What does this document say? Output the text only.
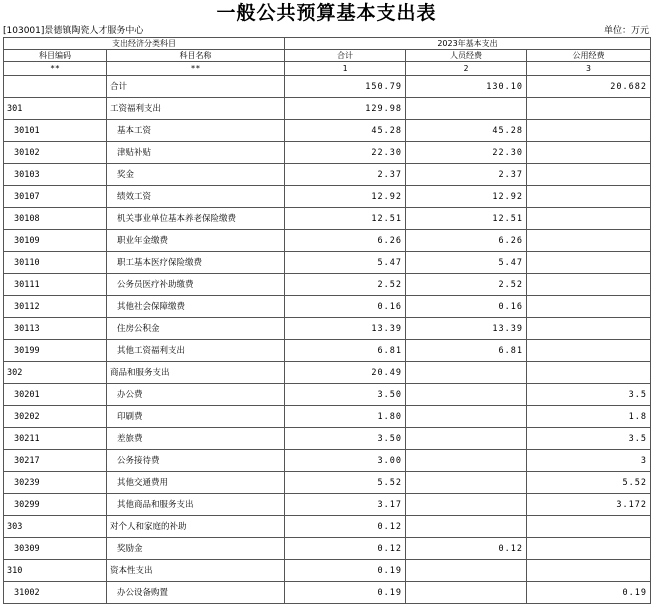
一般公共预算基本支出表
[103001]景德镇陶瓷人才服务中心	单位：万元
支出经济分类科目		2023年基本支出		
科目编码	科目名称	合计	人员经费	公用经费
**	**	1	2	3
	合计	150.79	130.10	20.682
301	工资福利支出	129.98		
30101	基本工资	45.28	45.28	
30102	津贴补贴	22.30	22.30	
30103	奖金	2.37	2.37	
30107	绩效工资	12.92	12.92	
30108	机关事业单位基本养老保险缴费	12.51	12.51	
30109	职业年金缴费	6.26	6.26	
30110	职工基本医疗保险缴费	5.47	5.47	
30111	公务员医疗补助缴费	2.52	2.52	
30112	其他社会保障缴费	0.16	0.16	
30113	住房公积金	13.39	13.39	
30199	其他工资福利支出	6.81	6.81	
302	商品和服务支出	20.49		
30201	办公费	3.50		3.5
30202	印刷费	1.80		1.8
30211	差旅费	3.50		3.5
30217	公务接待费	3.00		3
30239	其他交通费用	5.52		5.52
30299	其他商品和服务支出	3.17		3.172
303	对个人和家庭的补助	0.12		
30309	奖励金	0.12	0.12	
310	资本性支出	0.19		
31002	办公设备购置	0.19		0.19
